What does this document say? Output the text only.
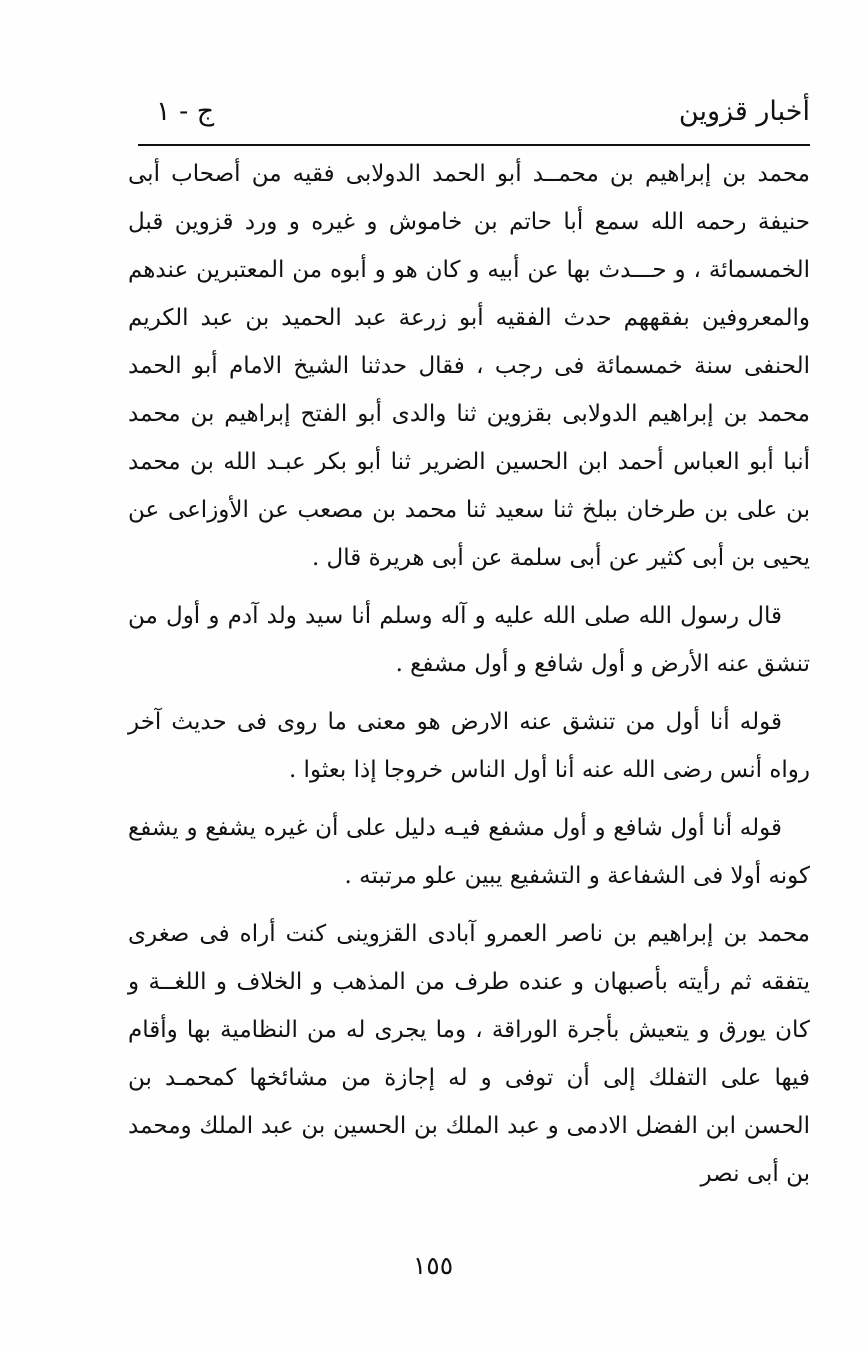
أخبار قزوين
ج - ١

محمد بن إبراهيم بن محمــد أبو الحمد الدولابى فقيه من أصحاب أبى حنيفة رحمه الله سمع أبا حاتم بن خاموش و غيره و ورد قزوين قبل الخمسمائة ، و حـــدث بها عن أبيه و كان هو و أبوه من المعتبرين عندهم والمعروفين بفقههم حدث الفقيه أبو زرعة عبد الحميد بن عبد الكريم الحنفى سنة خمسمائة فى رجب ، فقال حدثنا الشيخ الامام أبو الحمد محمد بن إبراهيم الدولابى بقزوين ثنا والدى أبو الفتح إبراهيم بن محمد أنبا أبو العباس أحمد ابن الحسين الضرير ثنا أبو بكر عبـد الله بن محمد بن على بن طرخان ببلخ ثنا سعيد ثنا محمد بن مصعب عن الأوزاعى عن يحيى بن أبى كثير عن أبى سلمة عن أبى هريرة قال .

قال رسول الله صلى الله عليه و آله وسلم أنا سيد ولد آدم و أول من تنشق عنه الأرض و أول شافع و أول مشفع .

قوله أنا أول من تنشق عنه الارض هو معنى ما روى فى حديث آخر رواه أنس رضى الله عنه أنا أول الناس خروجا إذا بعثوا .

قوله أنا أول شافع و أول مشفع فيـه دليل على أن غيره يشفع و يشفع كونه أولا فى الشفاعة و التشفيع يبين علو مرتبته .

محمد بن إبراهيم بن ناصر العمرو آبادى القزوينى كنت أراه فى صغرى يتفقه ثم رأيته بأصبهان و عنده طرف من المذهب و الخلاف و اللغــة و كان يورق و يتعيش بأجرة الوراقة ، وما يجرى له من النظامية بها وأقام فيها على التفلك إلى أن توفى و له إجازة من مشائخها كمحمـد بن الحسن ابن الفضل الادمى و عبد الملك بن الحسين بن عبد الملك ومحمد بن أبى نصر

١٥٥
